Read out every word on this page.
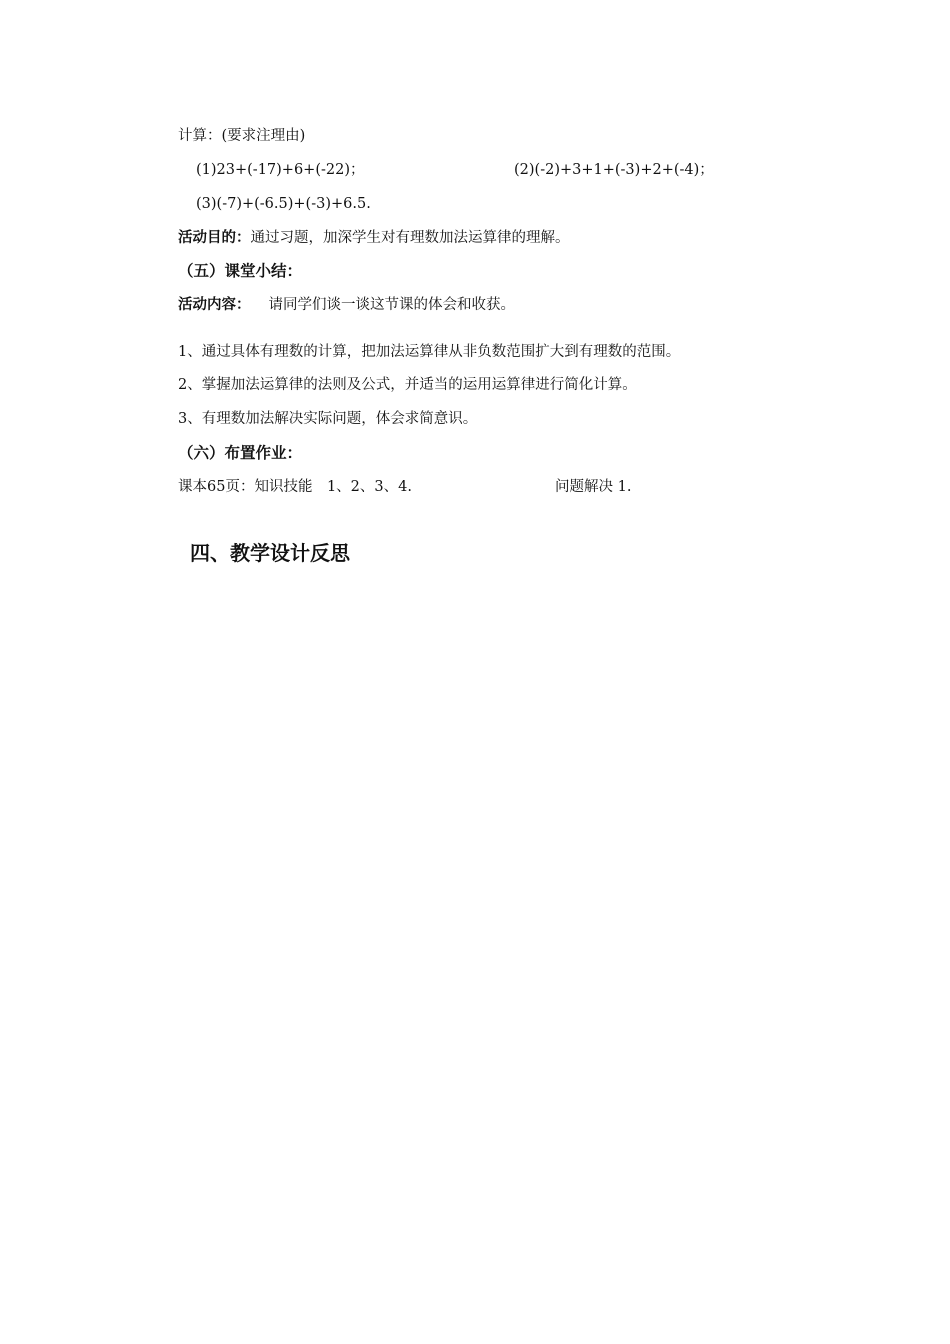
计算：(要求注理由)
(1)23+(-17)+6+(-22)；	(2)(-2)+3+1+(-3)+2+(-4)；
(3)(-7)+(-6.5)+(-3)+6.5.
活动目的：通过习题，加深学生对有理数加法运算律的理解。
（五）课堂小结：
活动内容： 请同学们谈一谈这节课的体会和收获。
1、通过具体有理数的计算，把加法运算律从非负数范围扩大到有理数的范围。
2、掌握加法运算律的法则及公式，并适当的运用运算律进行简化计算。
3、有理数加法解决实际问题，体会求简意识。
（六）布置作业：
课本65页：知识技能　1、2、3、4.	问题解决 1.
四、教学设计反思
